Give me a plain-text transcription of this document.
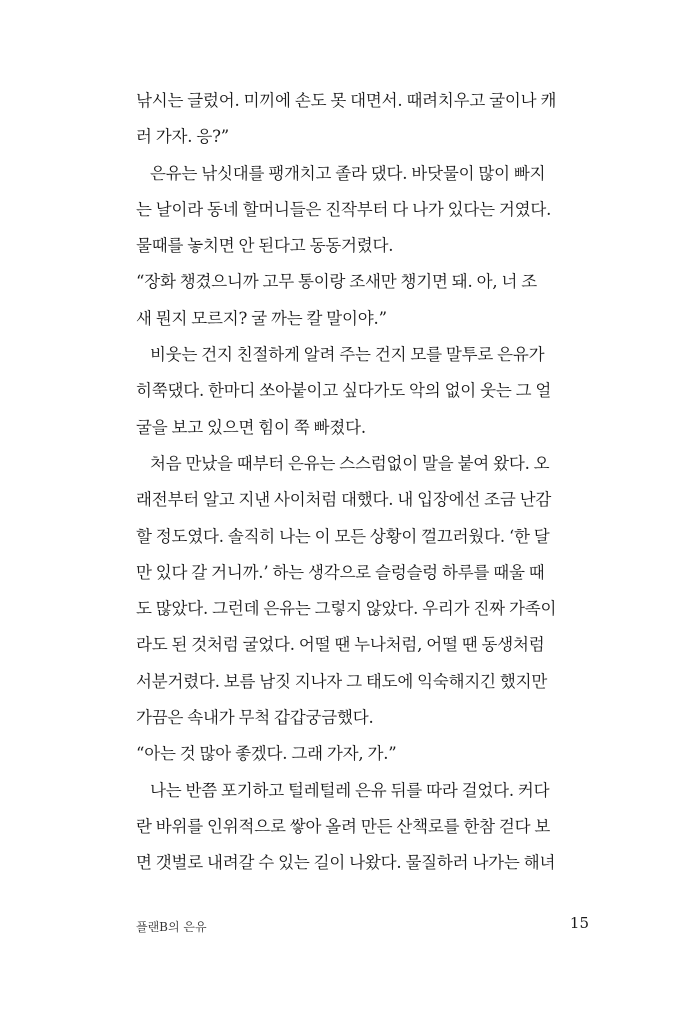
낚시는 글렀어. 미끼에 손도 못 대면서. 때려치우고 굴이나 캐
러 가자. 응?”
은유는 낚싯대를 팽개치고 졸라 댔다. 바닷물이 많이 빠지
는 날이라 동네 할머니들은 진작부터 다 나가 있다는 거였다.
물때를 놓치면 안 된다고 동동거렸다.
“장화 챙겼으니까 고무 통이랑 조새만 챙기면 돼. 아, 너 조
새 뭔지 모르지? 굴 까는 칼 말이야.”
비웃는 건지 친절하게 알려 주는 건지 모를 말투로 은유가
히쭉댔다. 한마디 쏘아붙이고 싶다가도 악의 없이 웃는 그 얼
굴을 보고 있으면 힘이 쭉 빠졌다.
처음 만났을 때부터 은유는 스스럼없이 말을 붙여 왔다. 오
래전부터 알고 지낸 사이처럼 대했다. 내 입장에선 조금 난감
할 정도였다. 솔직히 나는 이 모든 상황이 껄끄러웠다. ‘한 달
만 있다 갈 거니까.’ 하는 생각으로 슬렁슬렁 하루를 때울 때
도 많았다. 그런데 은유는 그렇지 않았다. 우리가 진짜 가족이
라도 된 것처럼 굴었다. 어떨 땐 누나처럼, 어떨 땐 동생처럼
서분거렸다. 보름 남짓 지나자 그 태도에 익숙해지긴 했지만
가끔은 속내가 무척 갑갑궁금했다.
“아는 것 많아 좋겠다. 그래 가자, 가.”
나는 반쯤 포기하고 털레털레 은유 뒤를 따라 걸었다. 커다
란 바위를 인위적으로 쌓아 올려 만든 산책로를 한참 걷다 보
면 갯벌로 내려갈 수 있는 길이 나왔다. 물질하러 나가는 해녀
플랜B의 은유	15
